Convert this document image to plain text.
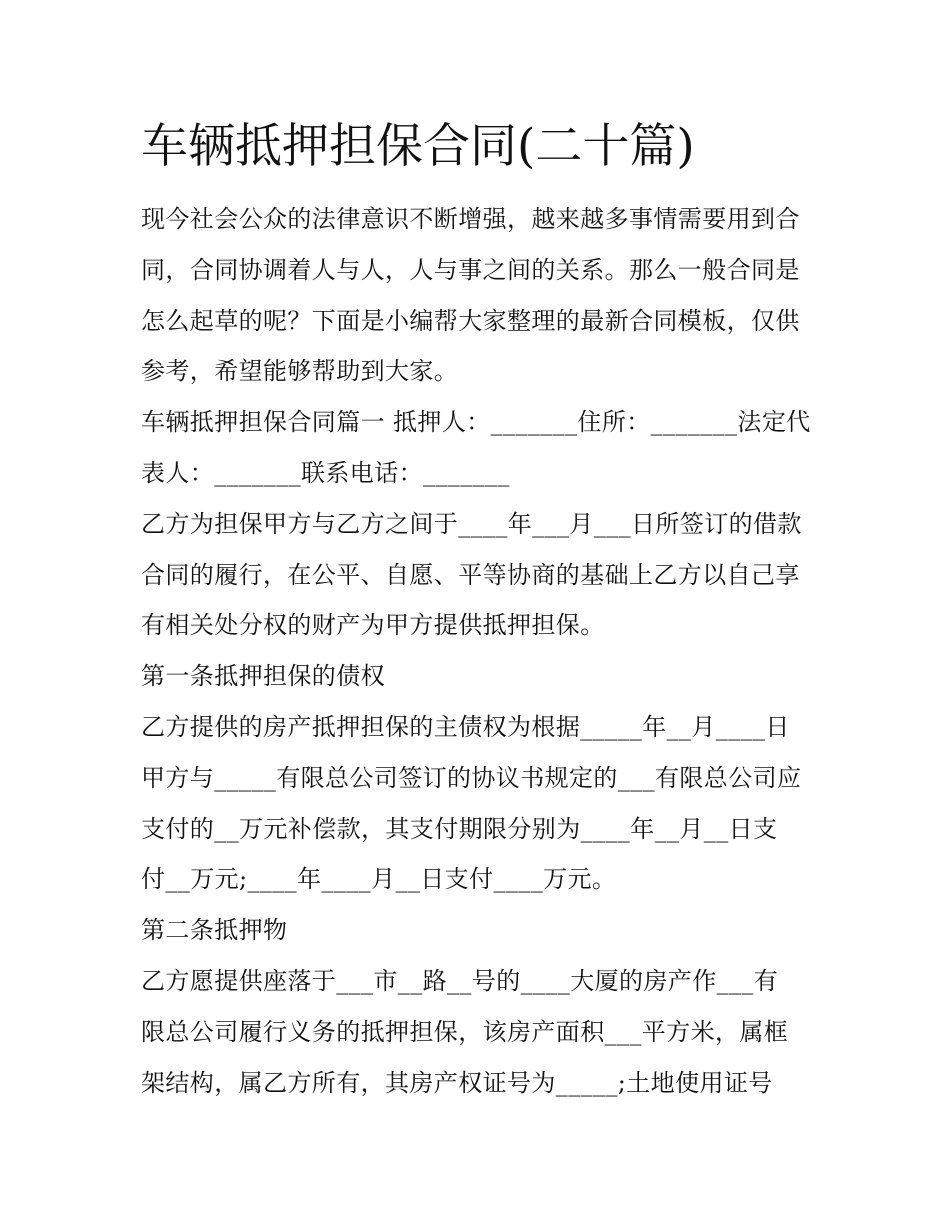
车辆抵押担保合同(二十篇)
现今社会公众的法律意识不断增强，越来越多事情需要用到合
同，合同协调着人与人，人与事之间的关系。那么一般合同是
怎么起草的呢？下面是小编帮大家整理的最新合同模板，仅供
参考，希望能够帮助到大家。
车辆抵押担保合同篇一 抵押人：_______住所：_______法定代
表人：_______联系电话：_______
乙方为担保甲方与乙方之间于____年___月___日所签订的借款
合同的履行，在公平、自愿、平等协商的基础上乙方以自己享
有相关处分权的财产为甲方提供抵押担保。
第一条抵押担保的债权
乙方提供的房产抵押担保的主债权为根据_____年__月____日
甲方与_____有限总公司签订的协议书规定的___有限总公司应
支付的__万元补偿款，其支付期限分别为____年__月__日支
付__万元;____年____月__日支付____万元。
第二条抵押物
乙方愿提供座落于___市__路__号的____大厦的房产作___有
限总公司履行义务的抵押担保，该房产面积___平方米，属框
架结构，属乙方所有，其房产权证号为_____;土地使用证号
